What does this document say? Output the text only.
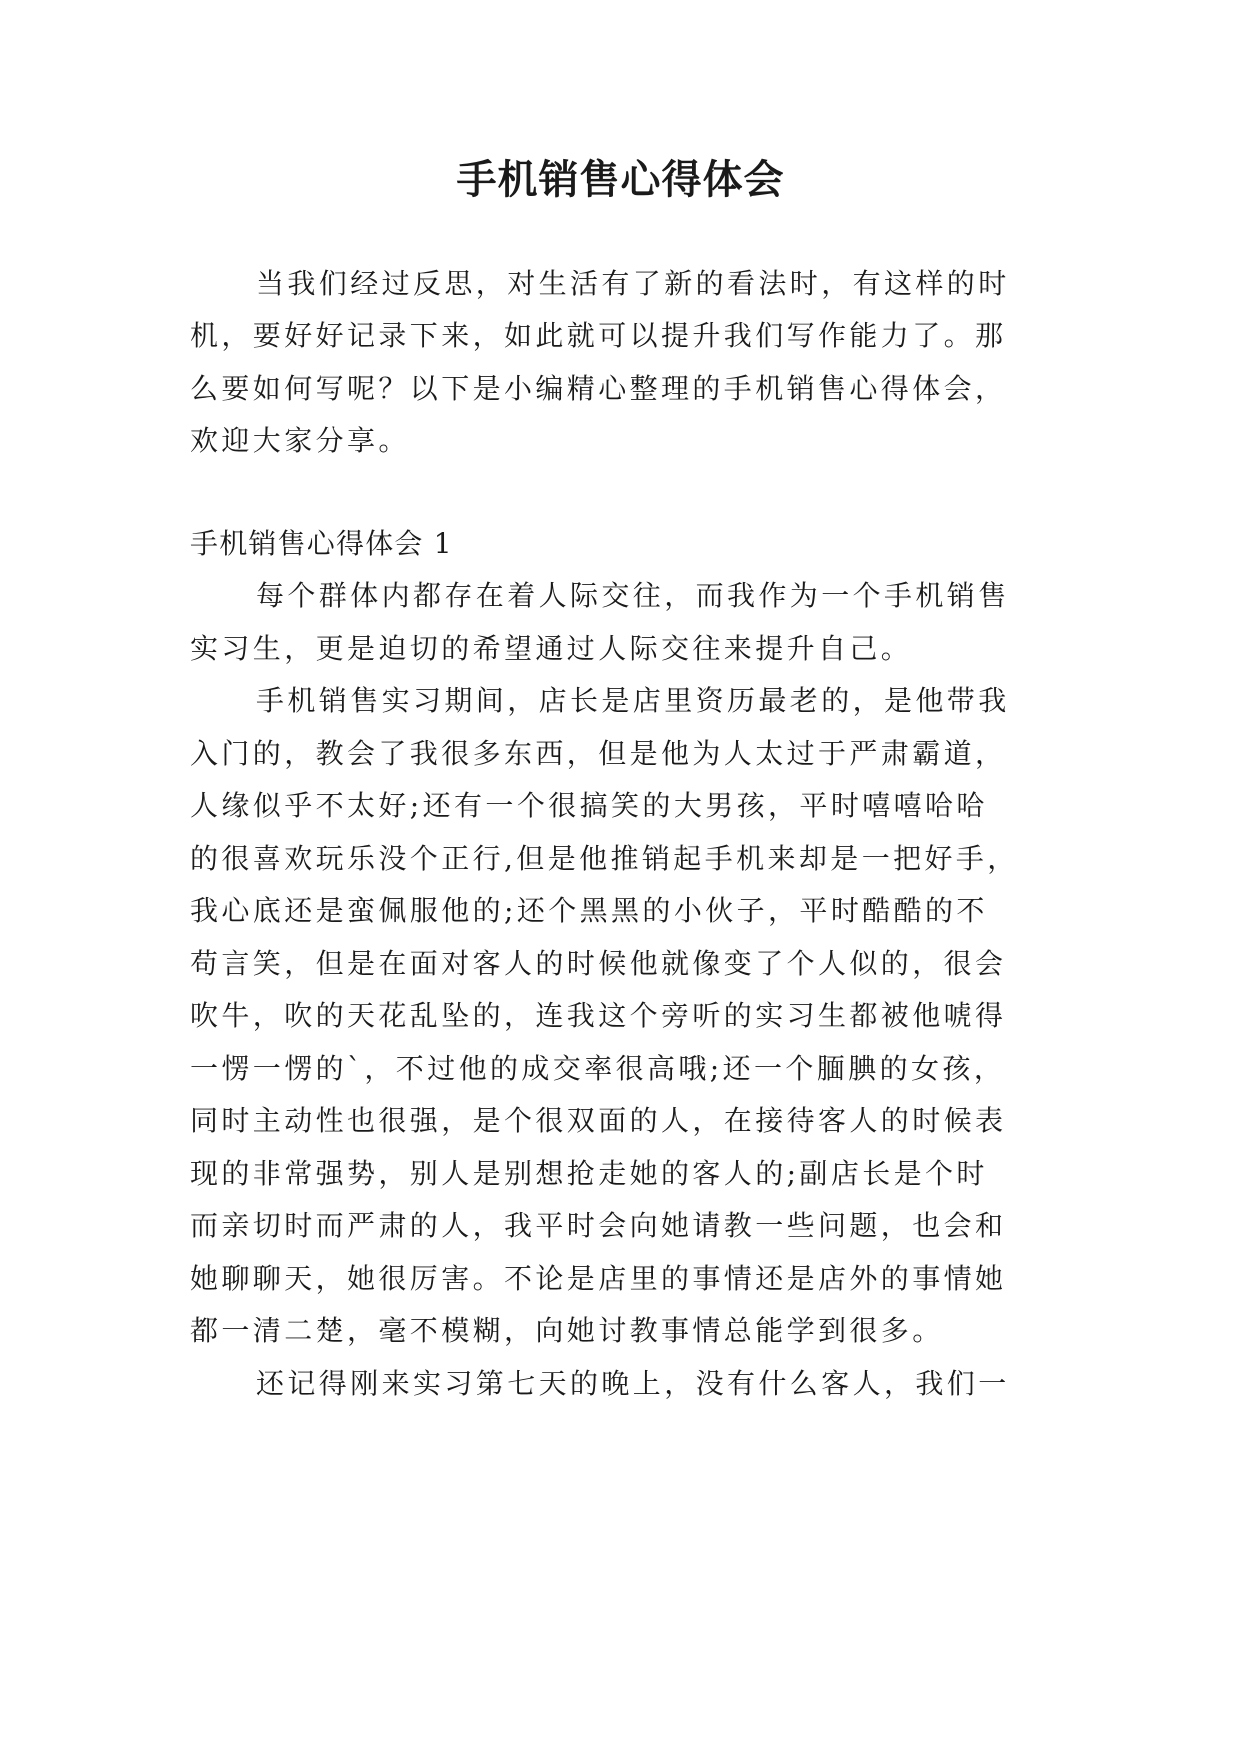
手机销售心得体会
当我们经过反思，对生活有了新的看法时，有这样的时
机，要好好记录下来，如此就可以提升我们写作能力了。那
么要如何写呢？以下是小编精心整理的手机销售心得体会，
欢迎大家分享。
手机销售心得体会 1
每个群体内都存在着人际交往，而我作为一个手机销售
实习生，更是迫切的希望通过人际交往来提升自己。
手机销售实习期间，店长是店里资历最老的，是他带我
入门的，教会了我很多东西，但是他为人太过于严肃霸道，
人缘似乎不太好;还有一个很搞笑的大男孩，平时嘻嘻哈哈
的很喜欢玩乐没个正行,但是他推销起手机来却是一把好手，
我心底还是蛮佩服他的;还个黑黑的小伙子，平时酷酷的不
苟言笑，但是在面对客人的时候他就像变了个人似的，很会
吹牛，吹的天花乱坠的，连我这个旁听的实习生都被他唬得
一愣一愣的`，不过他的成交率很高哦;还一个腼腆的女孩，
同时主动性也很强，是个很双面的人，在接待客人的时候表
现的非常强势，别人是别想抢走她的客人的;副店长是个时
而亲切时而严肃的人，我平时会向她请教一些问题，也会和
她聊聊天，她很厉害。不论是店里的事情还是店外的事情她
都一清二楚，毫不模糊，向她讨教事情总能学到很多。
还记得刚来实习第七天的晚上，没有什么客人，我们一
